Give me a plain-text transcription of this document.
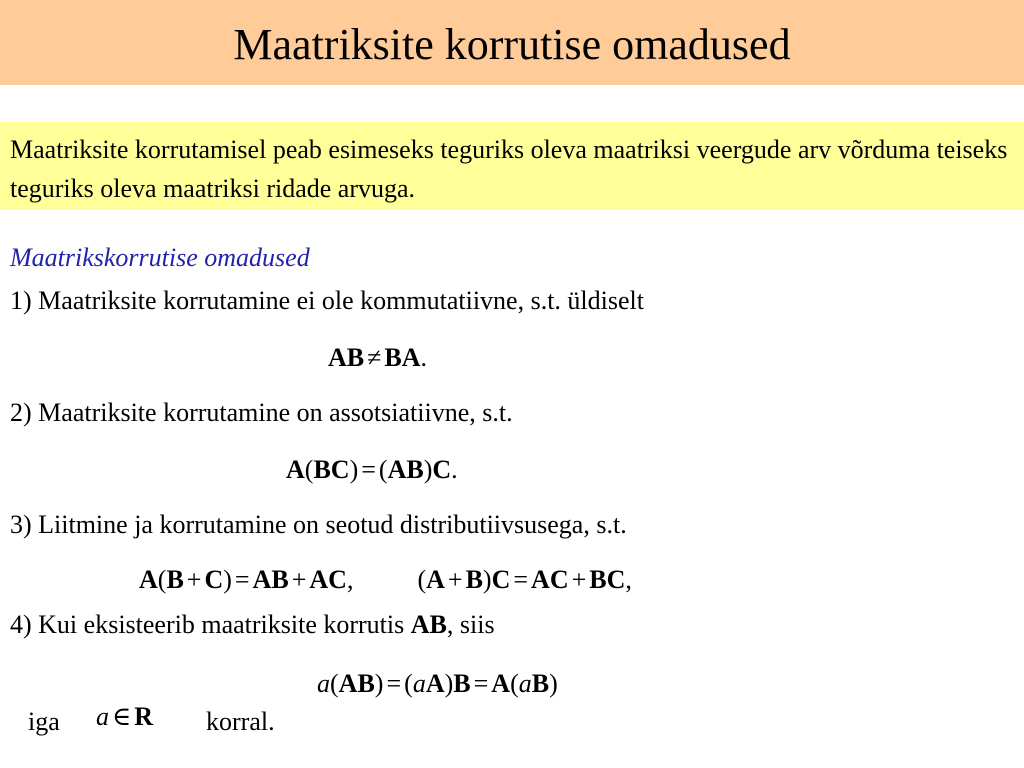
Maatriksite korrutise omadused

Maatriksite korrutamisel peab esimeseks teguriks oleva maatriksi veergude arv võrduma teiseks teguriks oleva maatriksi ridade arvuga.

Maatrikskorrutise omadused
1) Maatriksite korrutamine ei ole kommutatiivne, s.t. üldiselt
AB ≠ BA.
2) Maatriksite korrutamine on assotsiatiivne, s.t.
A(BC) = (AB)C.
3) Liitmine ja korrutamine on seotud distributiivsusega, s.t.
A(B + C) = AB + AC, (A + B)C = AC + BC,
4) Kui eksisteerib maatriksite korrutis AB, siis
a(AB) = (aA)B = A(aB)
iga a ∈ R korral.
